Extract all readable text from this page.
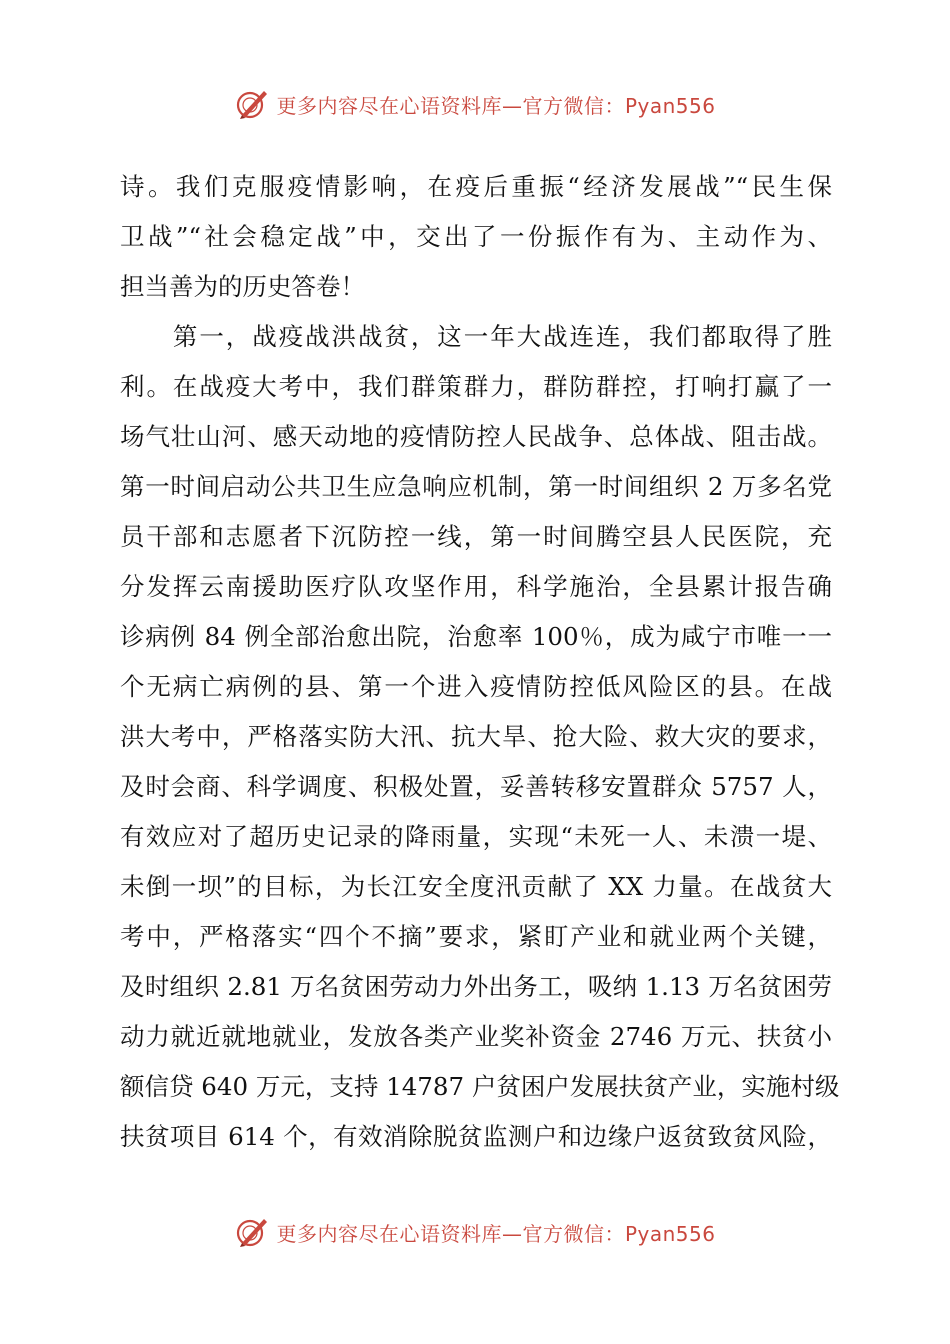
更多内容尽在心语资料库—官方微信：Pyan556
诗。我们克服疫情影响，在疫后重振“经济发展战”“民生保
卫战”“社会稳定战”中，交出了一份振作有为、主动作为、
担当善为的历史答卷！
　　第一，战疫战洪战贫，这一年大战连连，我们都取得了胜
利。在战疫大考中，我们群策群力，群防群控，打响打赢了一
场气壮山河、感天动地的疫情防控人民战争、总体战、阻击战。
第一时间启动公共卫生应急响应机制，第一时间组织 2 万多名党
员干部和志愿者下沉防控一线，第一时间腾空县人民医院，充
分发挥云南援助医疗队攻坚作用，科学施治，全县累计报告确
诊病例 84 例全部治愈出院，治愈率 100％，成为咸宁市唯一一
个无病亡病例的县、第一个进入疫情防控低风险区的县。在战
洪大考中，严格落实防大汛、抗大旱、抢大险、救大灾的要求，
及时会商、科学调度、积极处置，妥善转移安置群众 5757 人，
有效应对了超历史记录的降雨量，实现“未死一人、未溃一堤、
未倒一坝”的目标，为长江安全度汛贡献了 XX 力量。在战贫大
考中，严格落实“四个不摘”要求，紧盯产业和就业两个关键，
及时组织 2.81 万名贫困劳动力外出务工，吸纳 1.13 万名贫困劳
动力就近就地就业，发放各类产业奖补资金 2746 万元、扶贫小
额信贷 640 万元，支持 14787 户贫困户发展扶贫产业，实施村级
扶贫项目 614 个，有效消除脱贫监测户和边缘户返贫致贫风险，
更多内容尽在心语资料库—官方微信：Pyan556
